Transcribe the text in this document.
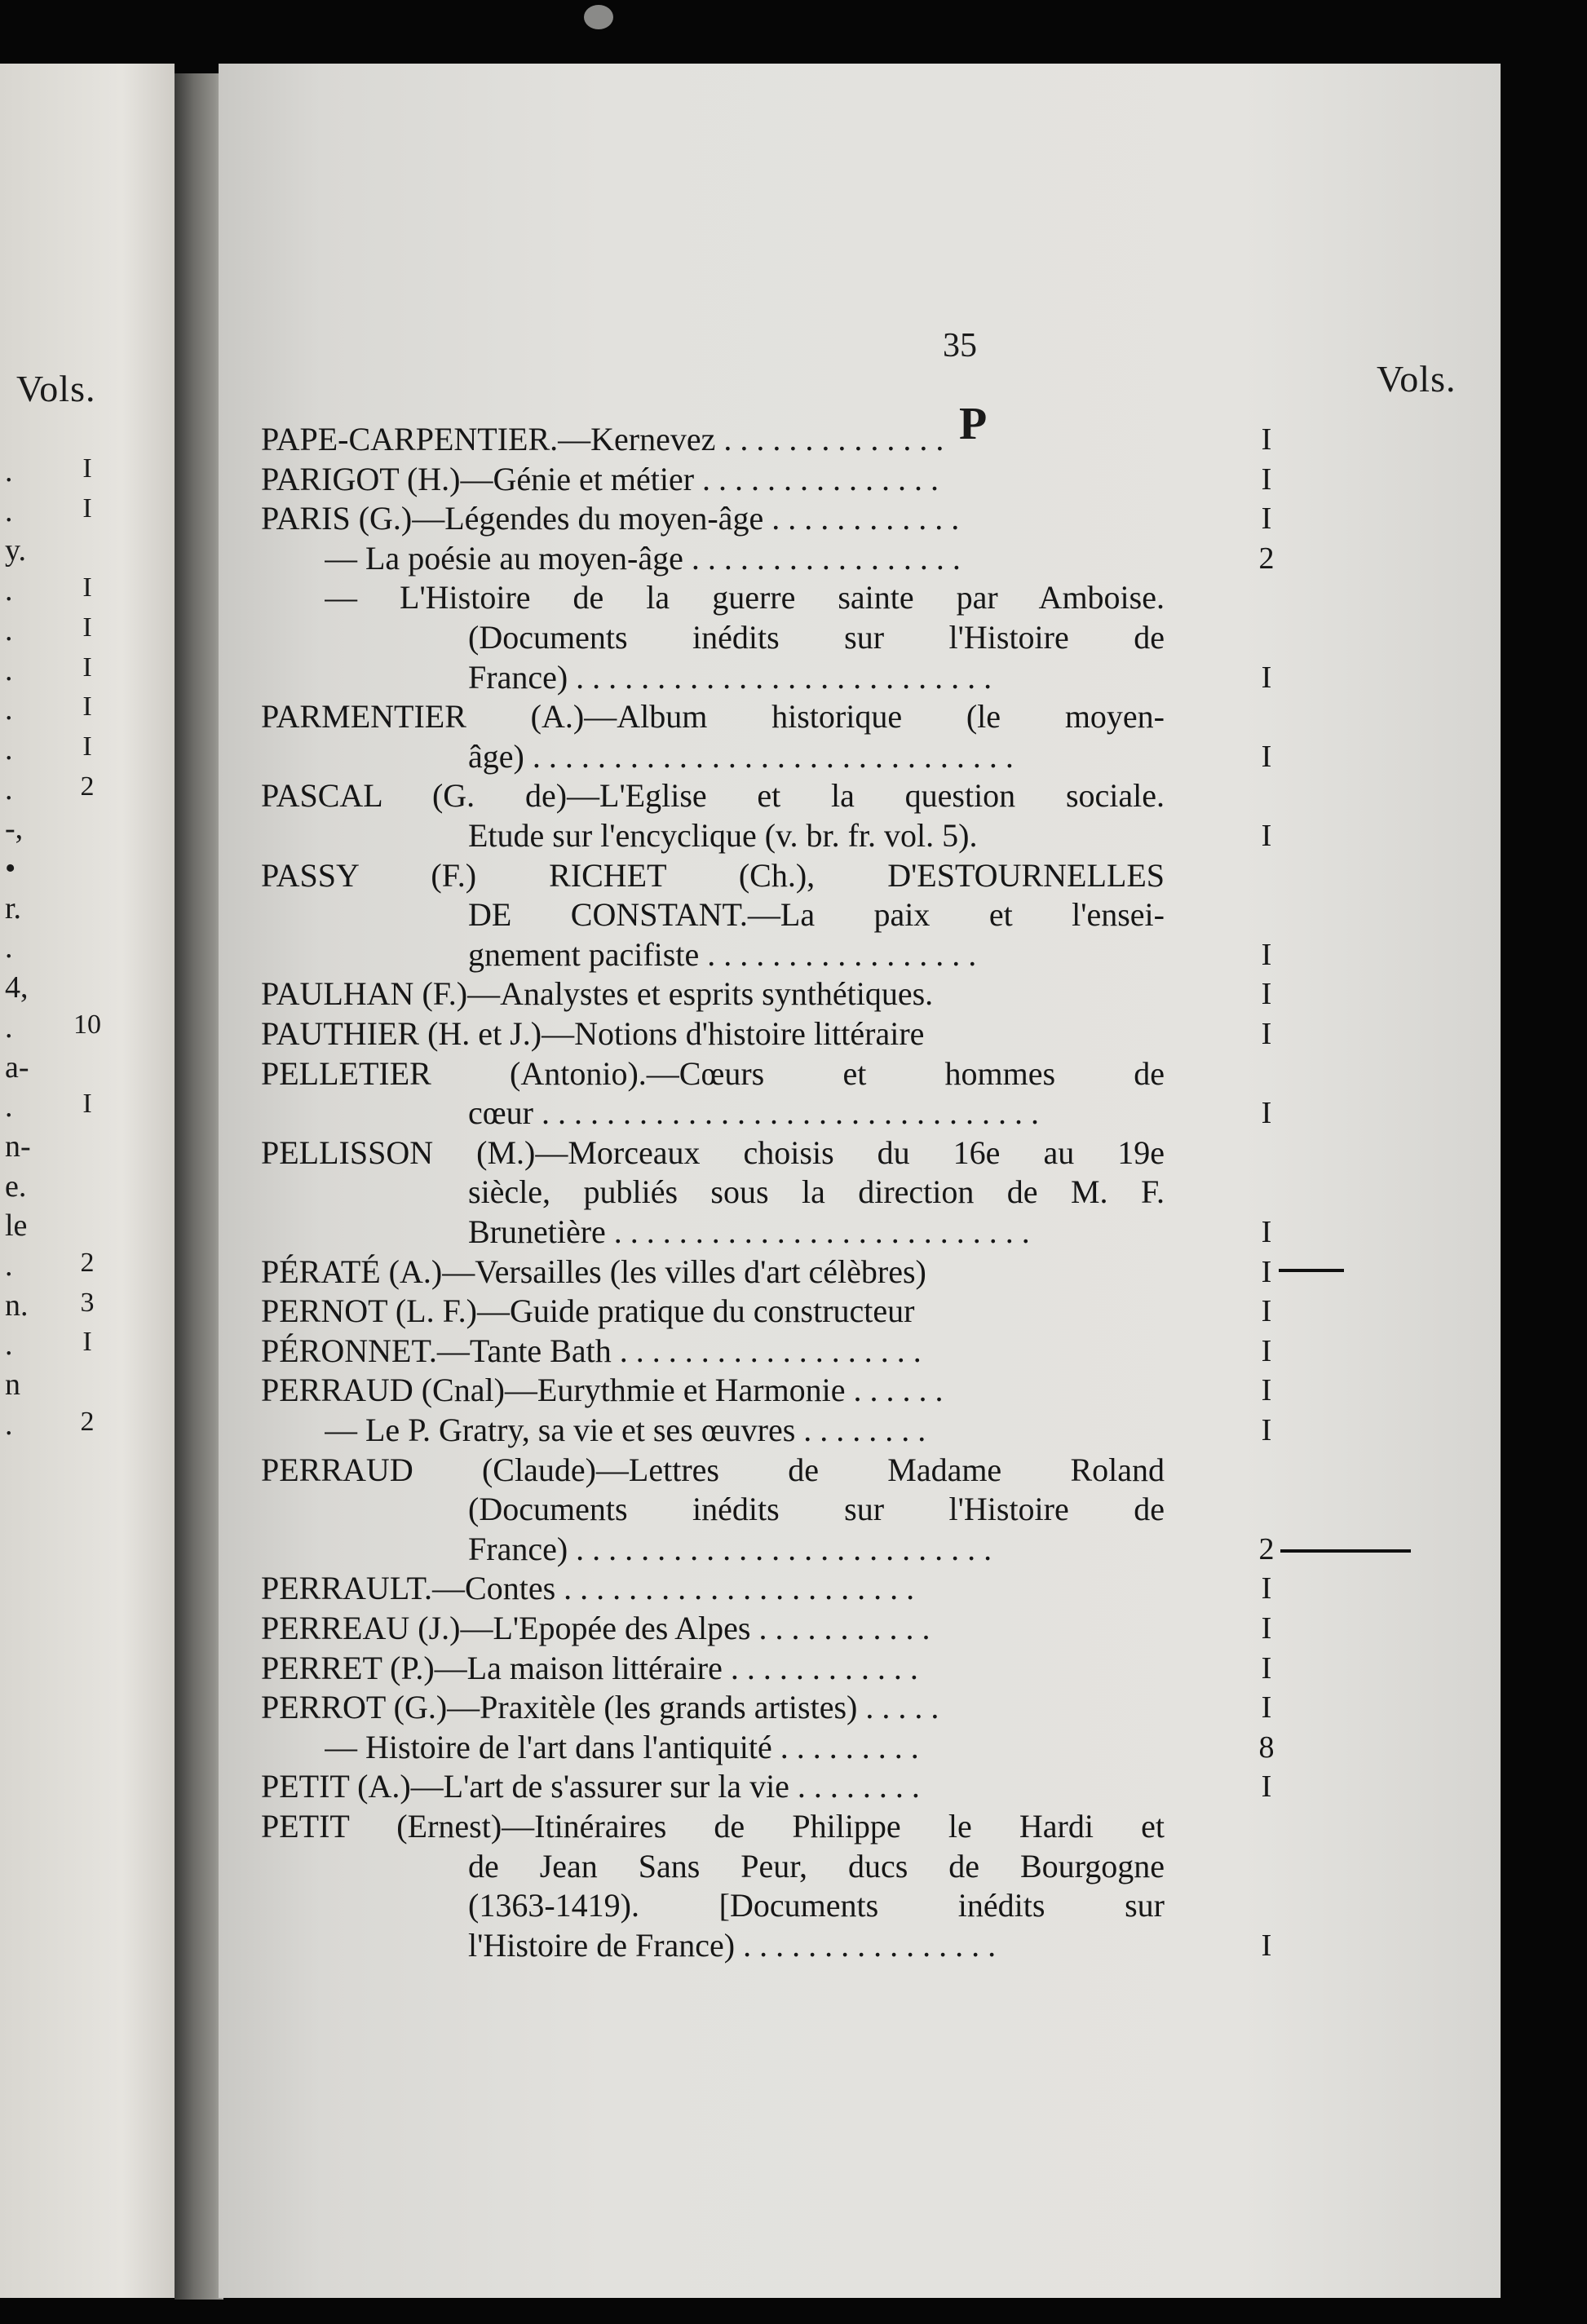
Vols.
.	I
.	I
y.
.	I
.	I
.	I
.	I
.	I
.	2
-,
•
r.
.
4,
.	10
a-
.	I
n-
e.
le
.	2
n.	3
.	I
n
.	2
35
Vols.
P
PAPE-CARPENTIER.—Kernevez . . . . . . . . . . . . . .	I
PARIGOT (H.)—Génie et métier . . . . . . . . . . . . . . .	I
PARIS (G.)—Légendes du moyen-âge . . . . . . . . . . . .	I
— La poésie au moyen-âge . . . . . . . . . . . . . . . . .	2
— L'Histoire de la guerre sainte par Amboise.
(Documents inédits sur l'Histoire de
France) . . . . . . . . . . . . . . . . . . . . . . . . . .	I
PARMENTIER (A.)—Album historique (le moyen-
âge) . . . . . . . . . . . . . . . . . . . . . . . . . . . . . .	I
PASCAL (G. de)—L'Eglise et la question sociale.
Etude sur l'encyclique (v. br. fr. vol. 5).	I
PASSY (F.) RICHET (Ch.), D'ESTOURNELLES
DE CONSTANT.—La paix et l'ensei-
gnement pacifiste . . . . . . . . . . . . . . . . .	I
PAULHAN (F.)—Analystes et esprits synthétiques.	I
PAUTHIER (H. et J.)—Notions d'histoire littéraire	I
PELLETIER (Antonio).—Cœurs et hommes de
cœur . . . . . . . . . . . . . . . . . . . . . . . . . . . . . . .	I
PELLISSON (M.)—Morceaux choisis du 16e au 19e
siècle, publiés sous la direction de M. F.
Brunetière . . . . . . . . . . . . . . . . . . . . . . . . . .	I
PÉRATÉ (A.)—Versailles (les villes d'art célèbres)	I
PERNOT (L. F.)—Guide pratique du constructeur	I
PÉRONNET.—Tante Bath . . . . . . . . . . . . . . . . . . .	I
PERRAUD (Cnal)—Eurythmie et Harmonie . . . . . .	I
— Le P. Gratry, sa vie et ses œuvres . . . . . . . .	I
PERRAUD (Claude)—Lettres de Madame Roland
(Documents inédits sur l'Histoire de
France) . . . . . . . . . . . . . . . . . . . . . . . . . .	2
PERRAULT.—Contes . . . . . . . . . . . . . . . . . . . . . .	I
PERREAU (J.)—L'Epopée des Alpes . . . . . . . . . . .	I
PERRET (P.)—La maison littéraire . . . . . . . . . . . .	I
PERROT (G.)—Praxitèle (les grands artistes) . . . . .	I
— Histoire de l'art dans l'antiquité . . . . . . . . .	8
PETIT (A.)—L'art de s'assurer sur la vie . . . . . . . .	I
PETIT (Ernest)—Itinéraires de Philippe le Hardi et
de Jean Sans Peur, ducs de Bourgogne
(1363-1419). [Documents inédits sur
l'Histoire de France) . . . . . . . . . . . . . . . .	I
